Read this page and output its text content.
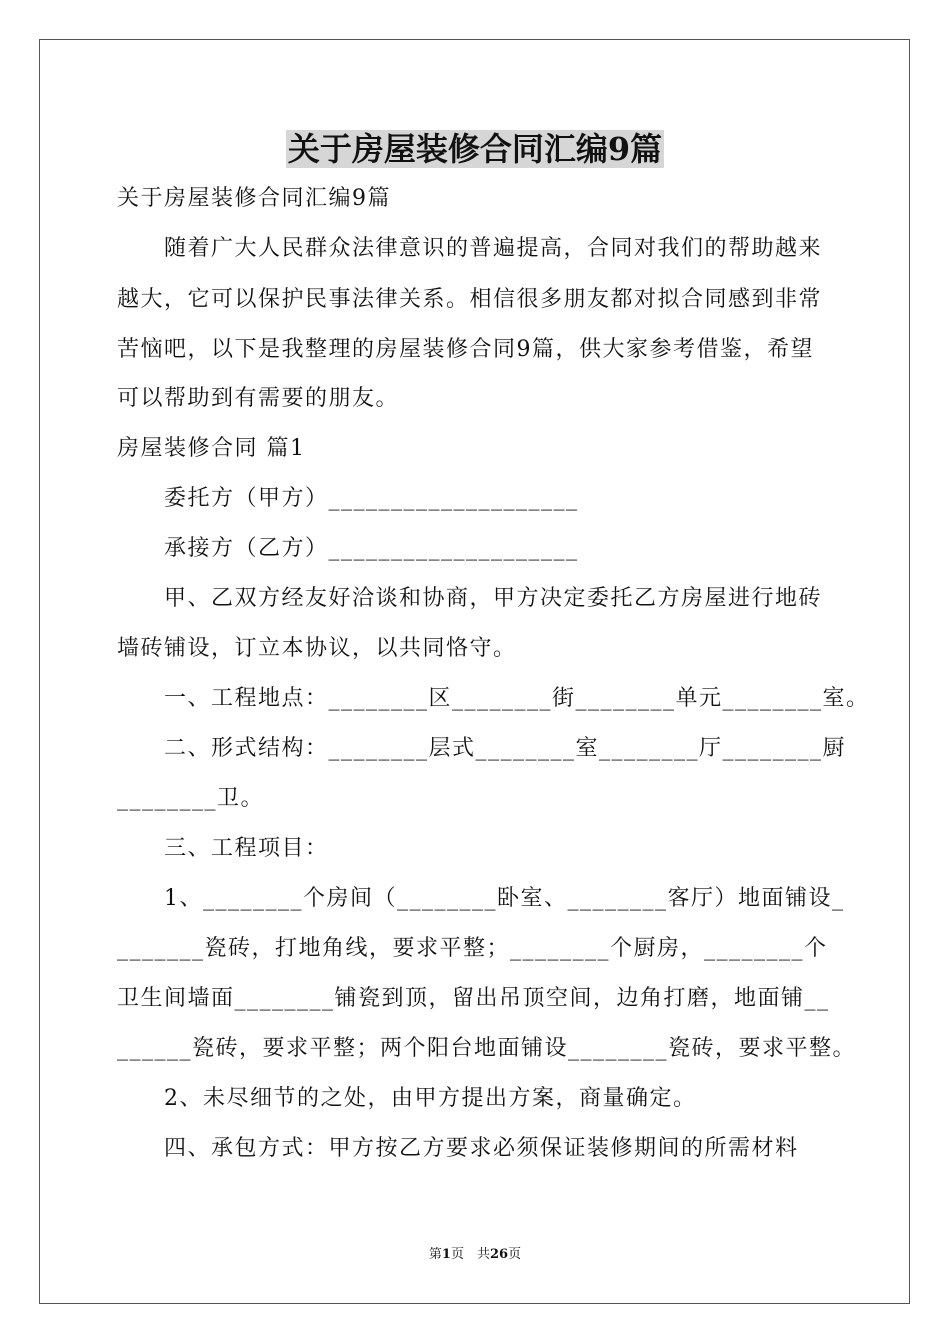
关于房屋装修合同汇编9篇
关于房屋装修合同汇编9篇
　　随着广大人民群众法律意识的普遍提高，合同对我们的帮助越来
越大，它可以保护民事法律关系。相信很多朋友都对拟合同感到非常
苦恼吧，以下是我整理的房屋装修合同9篇，供大家参考借鉴，希望
可以帮助到有需要的朋友。
房屋装修合同 篇1
　　委托方（甲方）____________________
　　承接方（乙方）____________________
　　甲、乙双方经友好洽谈和协商，甲方决定委托乙方房屋进行地砖
墙砖铺设，订立本协议，以共同恪守。
　　一、工程地点：________区________街________单元________室。
　　二、形式结构：________层式________室________厅________厨
________卫。
　　三、工程项目：
　　1、________个房间（________卧室、________客厅）地面铺设_
_______瓷砖，打地角线，要求平整；________个厨房，________个
卫生间墙面________铺瓷到顶，留出吊顶空间，边角打磨，地面铺__
______瓷砖，要求平整；两个阳台地面铺设________瓷砖，要求平整。
　　2、未尽细节的之处，由甲方提出方案，商量确定。
　　四、承包方式：甲方按乙方要求必须保证装修期间的所需材料
第1页　共26页
